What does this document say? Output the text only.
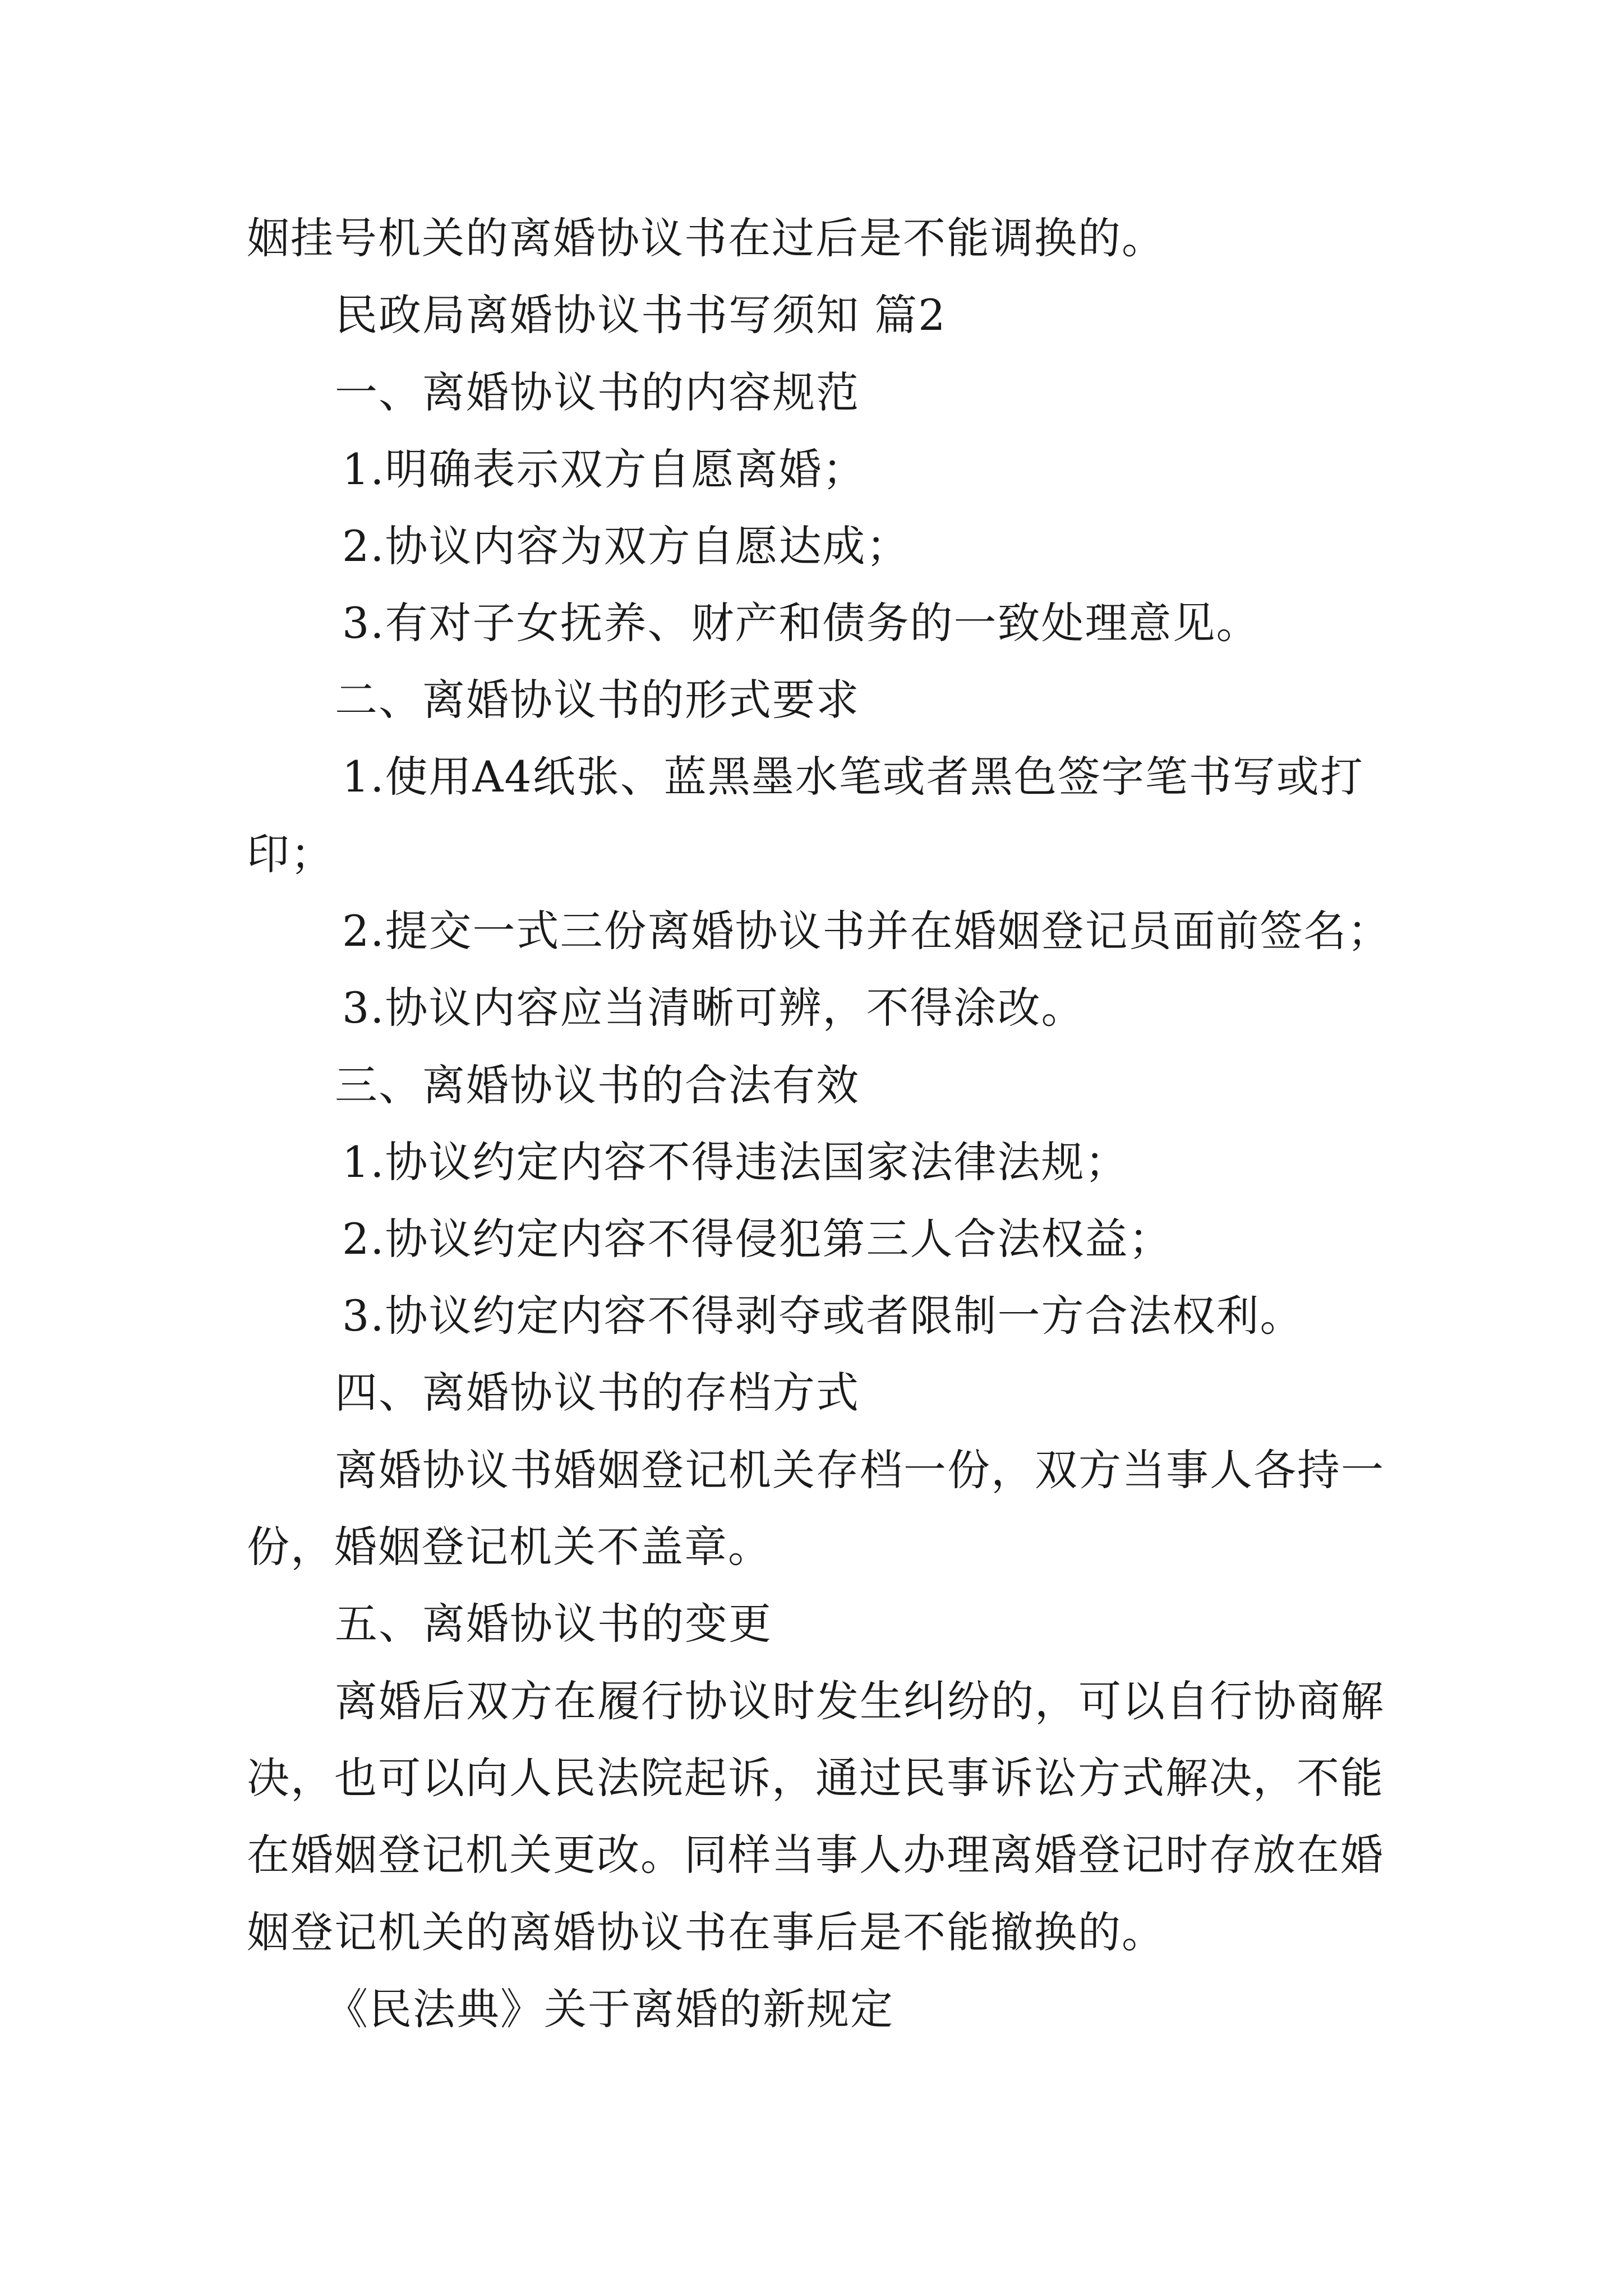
姻挂号机关的离婚协议书在过后是不能调换的。
民政局离婚协议书书写须知 篇2
一、离婚协议书的内容规范
1.明确表示双方自愿离婚；
2.协议内容为双方自愿达成；
3.有对子女抚养、财产和债务的一致处理意见。
二、离婚协议书的形式要求
1.使用A4纸张、蓝黑墨水笔或者黑色签字笔书写或打
印；
2.提交一式三份离婚协议书并在婚姻登记员面前签名；
3.协议内容应当清晰可辨，不得涂改。
三、离婚协议书的合法有效
1.协议约定内容不得违法国家法律法规；
2.协议约定内容不得侵犯第三人合法权益；
3.协议约定内容不得剥夺或者限制一方合法权利。
四、离婚协议书的存档方式
离婚协议书婚姻登记机关存档一份，双方当事人各持一
份，婚姻登记机关不盖章。
五、离婚协议书的变更
离婚后双方在履行协议时发生纠纷的，可以自行协商解
决，也可以向人民法院起诉，通过民事诉讼方式解决，不能
在婚姻登记机关更改。同样当事人办理离婚登记时存放在婚
姻登记机关的离婚协议书在事后是不能撤换的。
《民法典》关于离婚的新规定
